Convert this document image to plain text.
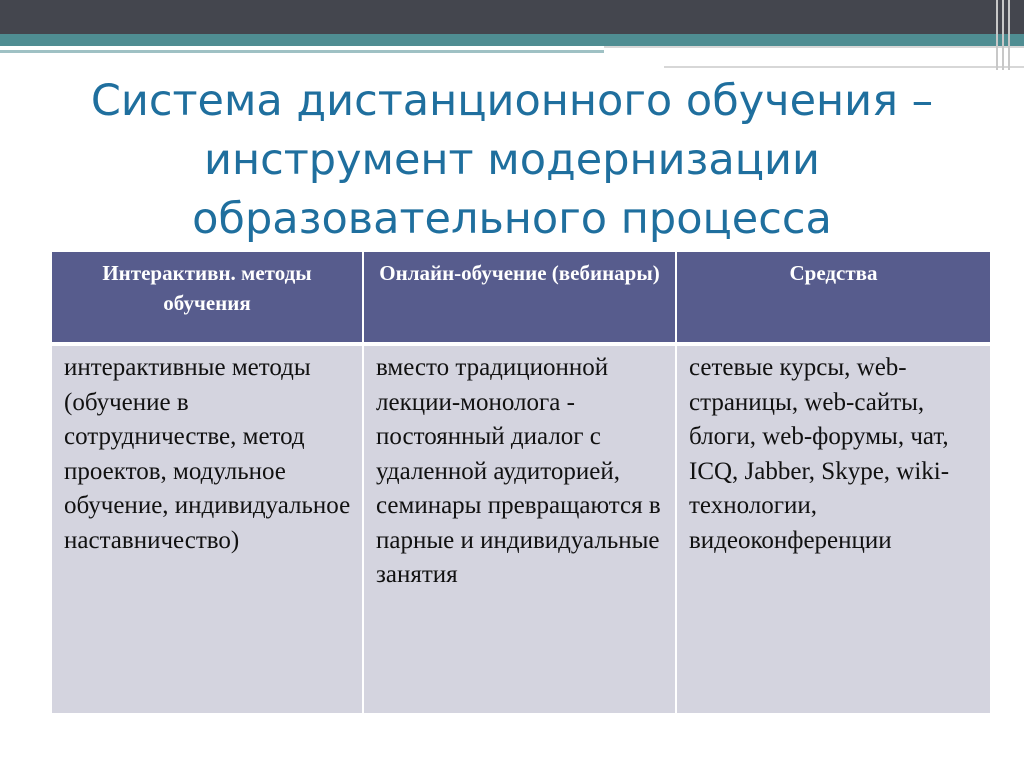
Система дистанционного обучения – инструмент модернизации образовательного процесса
Интерактивн. методы обучения	Онлайн-обучение (вебинары)	Средства
интерактивные методы (обучение в сотрудничестве, метод проектов, модульное обучение, индивидуальное наставничество)	вместо традиционной лекции-монолога - постоянный диалог с удаленной аудиторией, семинары превращаются в парные и индивидуальные занятия	сетевые курсы, web-страницы, web-сайты, блоги, web-форумы, чат, ICQ, Jabber, Skype, wiki-технологии, видеоконференции
